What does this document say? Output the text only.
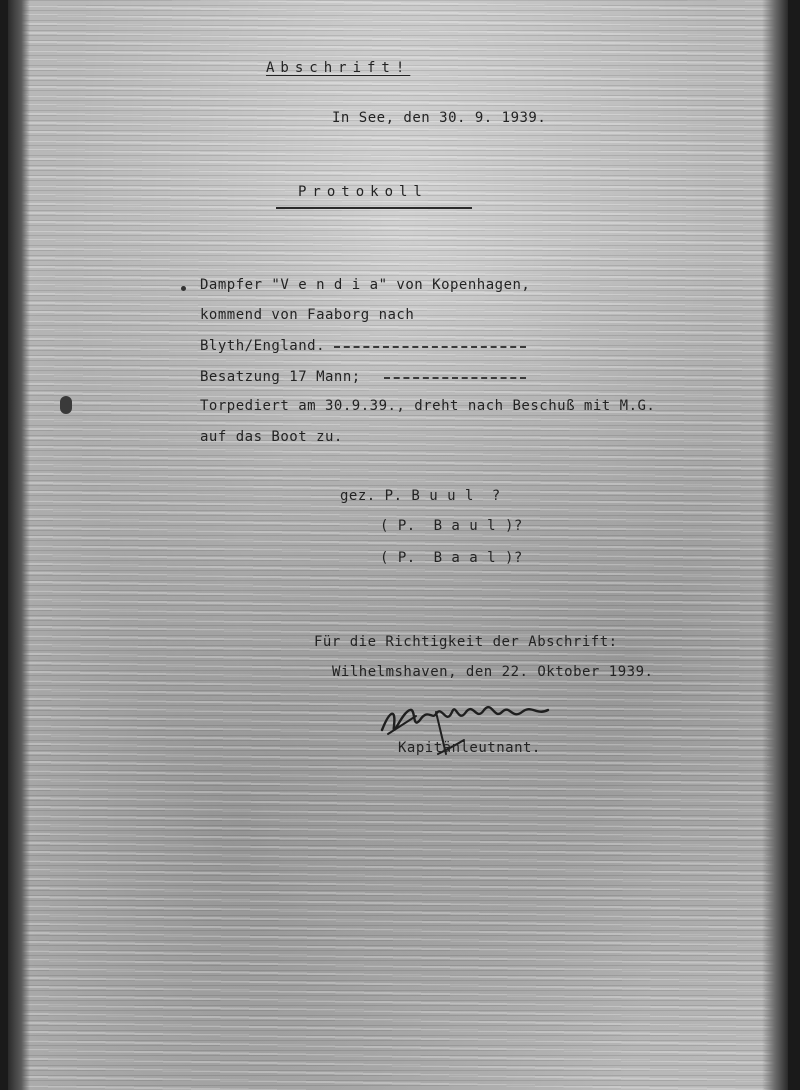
Abschrift!
In See, den 30. 9. 1939.
Protokoll
Dampfer "V e n d i a" von Kopenhagen,
kommend von Faaborg nach
Blyth/England.
Besatzung 17 Mann;
Torpediert am 30.9.39., dreht nach Beschuß mit M.G.
auf das Boot zu.
gez. P. B u u l  ?
( P.  B a u l )?
( P.  B a a l )?
Für die Richtigkeit der Abschrift:
Wilhelmshaven, den 22. Oktober 1939.
Kapitänleutnant.
